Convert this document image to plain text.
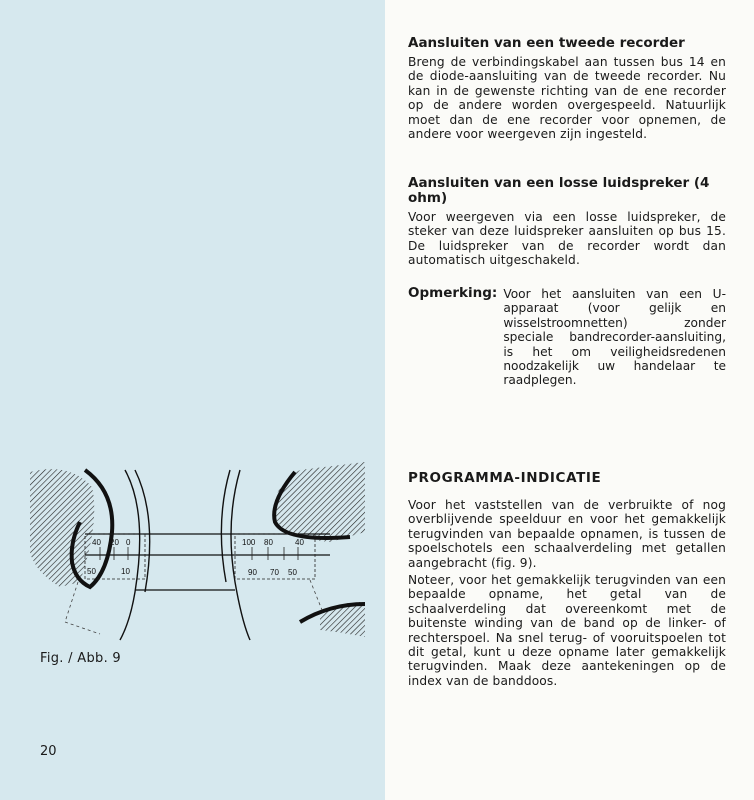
40 20 0
50	10
100 80	40
90 70 50
Fig. / Abb. 9
20
Aansluiten van een tweede recorder

Breng de verbindingskabel aan tussen bus 14 en de diode-aansluiting van de tweede recorder. Nu kan in de gewenste richting van de ene recorder op de andere worden overgespeeld. Natuurlijk moet dan de ene recorder voor opnemen, de andere voor weergeven zijn ingesteld.

Aansluiten van een losse luidspreker (4 ohm)

Voor weergeven via een losse luidspreker, de steker van deze luidspreker aansluiten op bus 15. De luidspreker van de recorder wordt dan automatisch uitgeschakeld.

Opmerking: Voor het aansluiten van een U-apparaat (voor gelijk en wisselstroomnetten) zonder speciale bandrecorder-aansluiting, is het om veiligheidsredenen noodzakelijk uw handelaar te raadplegen.
PROGRAMMA-INDICATIE

Voor het vaststellen van de verbruikte of nog overblijvende speelduur en voor het gemakkelijk terugvinden van bepaalde opnamen, is tussen de spoelschotels een schaalverdeling met getallen aangebracht (fig. 9).

Noteer, voor het gemakkelijk terugvinden van een bepaalde opname, het getal van de schaalverdeling dat overeenkomt met de buitenste winding van de band op de linker- of rechterspoel. Na snel terug- of vooruitspoelen tot dit getal, kunt u deze opname later gemakkelijk terugvinden. Maak deze aantekeningen op de index van de banddoos.
